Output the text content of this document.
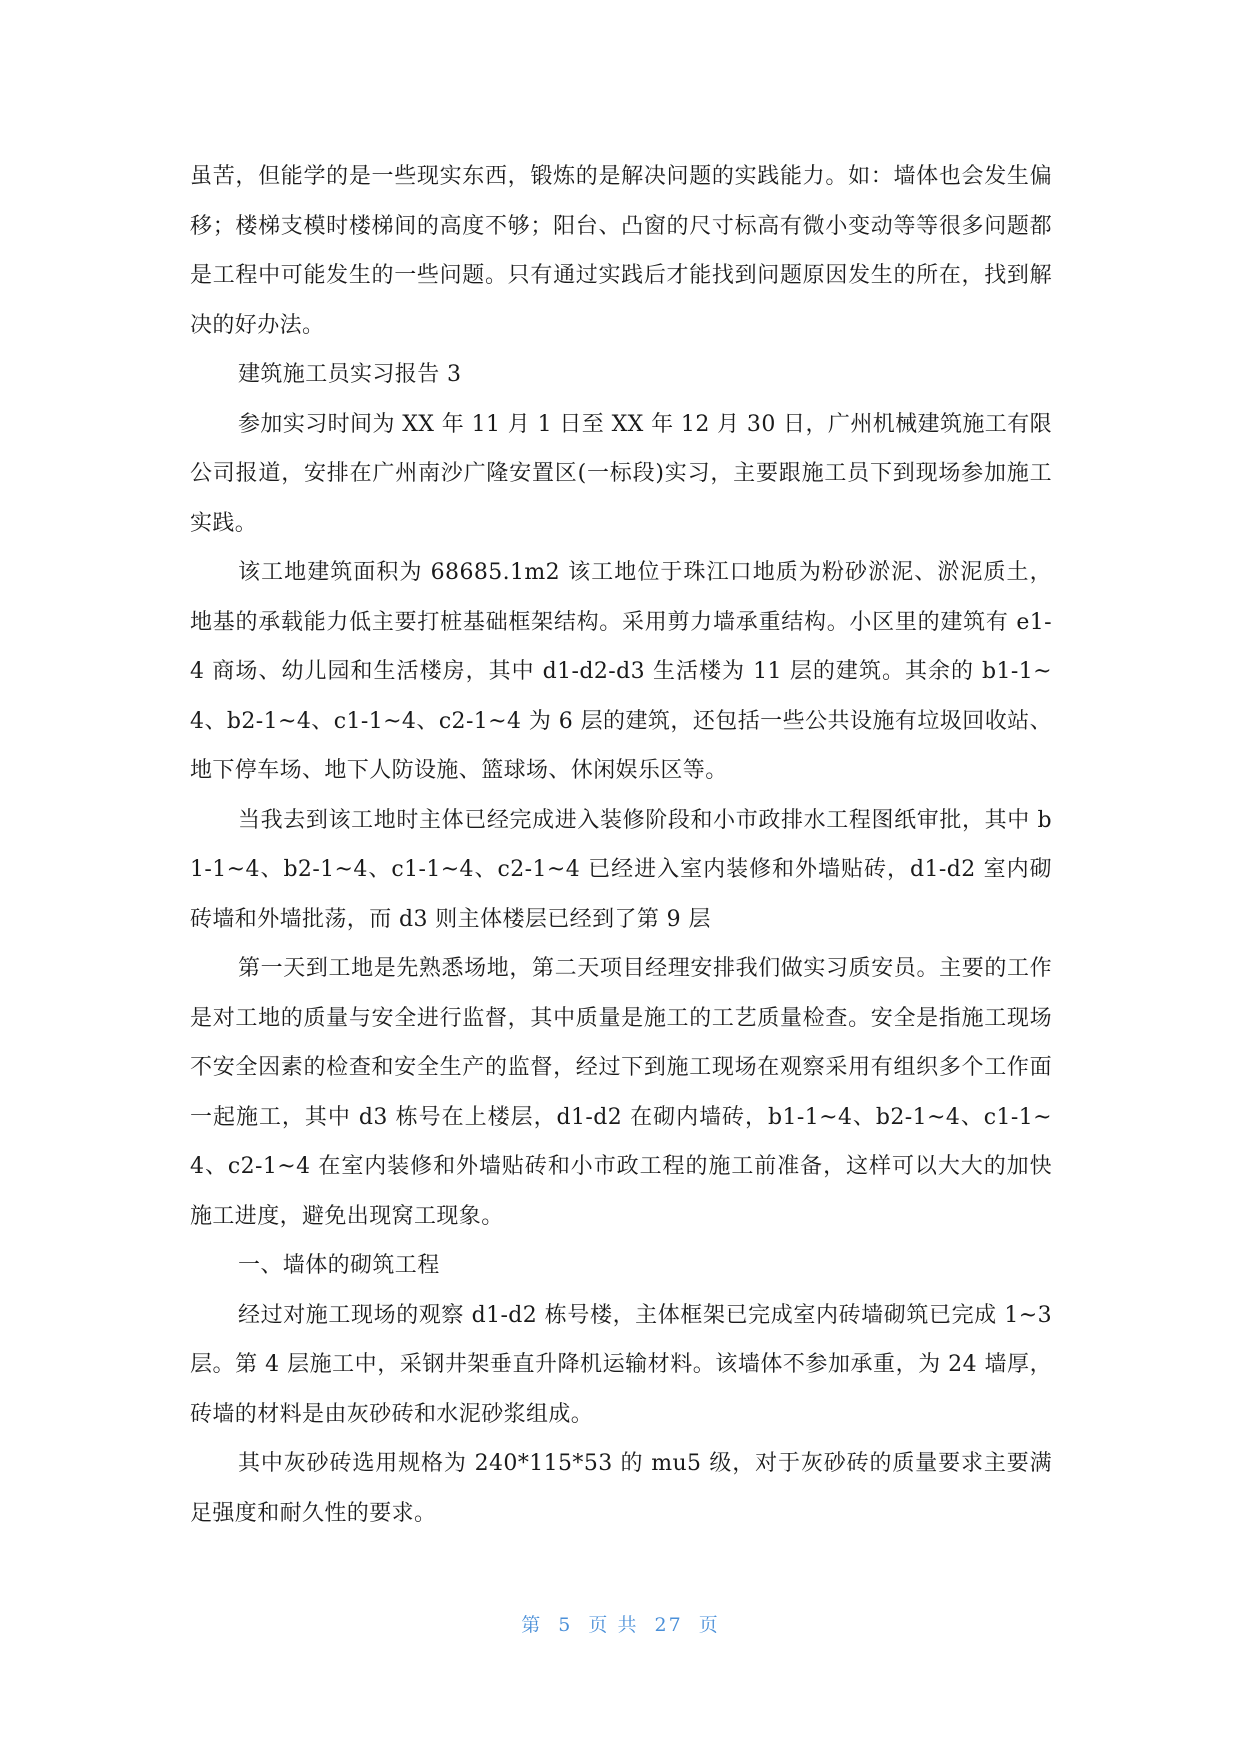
虽苦，但能学的是一些现实东西，锻炼的是解决问题的实践能力。如：墙体也会发生偏移；楼梯支模时楼梯间的高度不够；阳台、凸窗的尺寸标高有微小变动等等很多问题都是工程中可能发生的一些问题。只有通过实践后才能找到问题原因发生的所在，找到解决的好办法。

建筑施工员实习报告 3

参加实习时间为 XX 年 11 月 1 日至 XX 年 12 月 30 日，广州机械建筑施工有限公司报道，安排在广州南沙广隆安置区(一标段)实习，主要跟施工员下到现场参加施工实践。

该工地建筑面积为 68685.1m2 该工地位于珠江口地质为粉砂淤泥、淤泥质土，地基的承载能力低主要打桩基础框架结构。采用剪力墙承重结构。小区里的建筑有 e1-4 商场、幼儿园和生活楼房，其中 d1-d2-d3 生活楼为 11 层的建筑。其余的 b1-1~4、b2-1~4、c1-1~4、c2-1~4 为 6 层的建筑，还包括一些公共设施有垃圾回收站、地下停车场、地下人防设施、篮球场、休闲娱乐区等。

当我去到该工地时主体已经完成进入装修阶段和小市政排水工程图纸审批，其中 b1-1~4、b2-1~4、c1-1~4、c2-1~4 已经进入室内装修和外墙贴砖，d1-d2 室内砌砖墙和外墙批荡，而 d3 则主体楼层已经到了第 9 层

第一天到工地是先熟悉场地，第二天项目经理安排我们做实习质安员。主要的工作是对工地的质量与安全进行监督，其中质量是施工的工艺质量检查。安全是指施工现场不安全因素的检查和安全生产的监督，经过下到施工现场在观察采用有组织多个工作面一起施工，其中 d3 栋号在上楼层，d1-d2 在砌内墙砖，b1-1~4、b2-1~4、c1-1~4、c2-1~4 在室内装修和外墙贴砖和小市政工程的施工前准备，这样可以大大的加快施工进度，避免出现窝工现象。

一、墙体的砌筑工程

经过对施工现场的观察 d1-d2 栋号楼，主体框架已完成室内砖墙砌筑已完成 1~3 层。第 4 层施工中，采钢井架垂直升降机运输材料。该墙体不参加承重，为 24 墙厚，砖墙的材料是由灰砂砖和水泥砂浆组成。

其中灰砂砖选用规格为 240*115*53 的 mu5 级，对于灰砂砖的质量要求主要满足强度和耐久性的要求。

第  5  页 共  27  页
